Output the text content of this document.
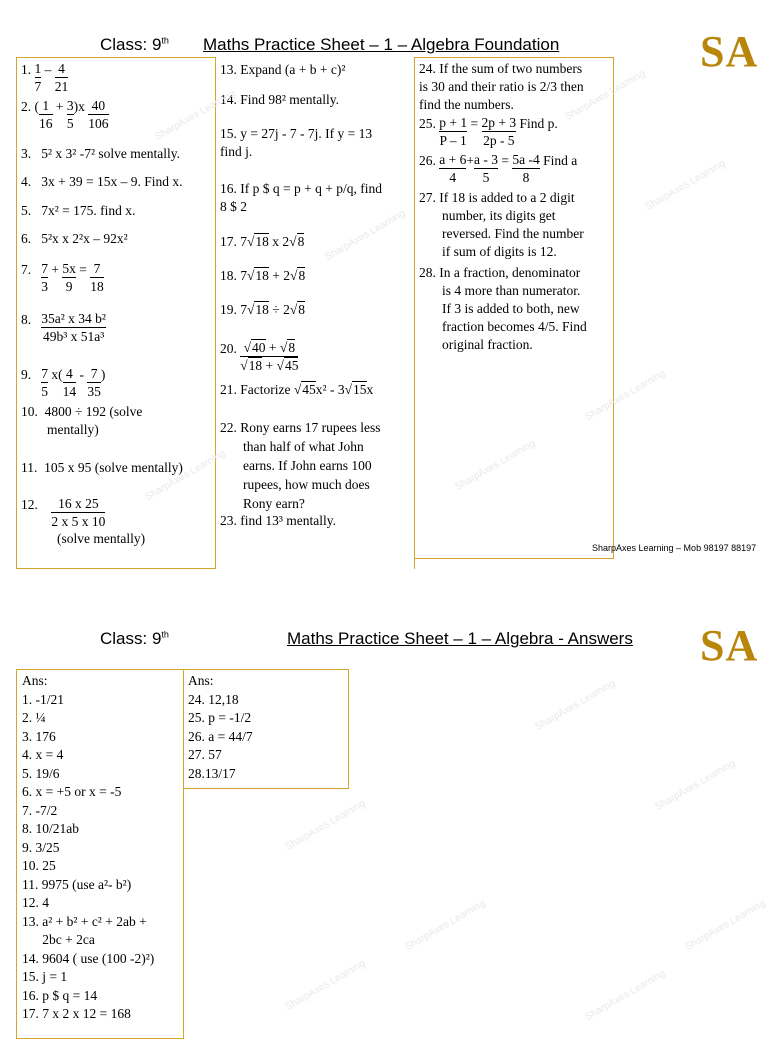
Class: 9th Maths Practice Sheet – 1 – Algebra Foundation	SA
1. $\frac{1}{7} - \frac{4}{21}$
2. ( $\frac{1}{16} + \frac{3}{5} )x \frac{40}{106}$
3. 5² x 3² -7² solve mentally.
4. 3x + 39 = 15x – 9. Find x.
5. 7x² = 175. find x.
6. 5²x x 2²x – 92x²
7. $\frac{7}{3} + \frac{5x}{9} = \frac{7}{18}$
8. $\frac{\text{35a² x 34 b²}}{\text{49b³ x 51a³}}$
9. $\frac{7}{5} x( \frac{4}{14} - \frac{7}{35}$ )
10. 4800 ÷ 192 (solve
mentally)
11. 105 x 95 (solve mentally)
12. $\frac{16 x 25}{2 x 5 x 10}$

(solve mentally)
13. Expand (a + b + c)²
14. Find 98² mentally.
15. y = 27j - 7 - 7j. If y = 13
find j.
16. If p $ q = p + q + p/q, find
8 $ 2
17. 7√18 x 2√8
18. 7√18 + 2√8
19. 7√18 ÷ 2√8
20. $\frac{√40 + √8}{√18 + √45}$
21. Factorize √45x² - 3√15x
22. Rony earns 17 rupees less
than half of what John
earns. If John earns 100
rupees, how much does
Rony earn?
23. find 13³ mentally.
24. If the sum of two numbers
is 30 and their ratio is 2/3 then
find the numbers.
25. $\frac{p + 1}{P - 1} = \frac{2p + 3}{2p - 5}$ Find p.
26. $\frac{a + 6}{4} + \frac{a - 3}{5} = \frac{5a -4}{8}$ Find a
27. If 18 is added to a 2 digit
number, its digits get
reversed. Find the number
if sum of digits is 12.
28. In a fraction, denominator
is 4 more than numerator.
If 3 is added to both, new
fraction becomes 4/5. Find
original fraction.
SharpAxes Learning – Mob 98197 88197
Class: 9th	Maths Practice Sheet – 1 – Algebra - Answers SA
Ans:
1. -1/21
2. ¼
3. 176
4. x = 4
5. 19/6
6. x = +5 or x = -5
7. -7/2
8. 10/21ab
9. 3/25
10. 25
11. 9975 (use a²- b²)
12. 4
13. a² + b² + c² + 2ab +
2bc + 2ca
14. 9604 ( use (100 -2)²)
15. j = 1
16. p $ q = 14
17. 7 x 2 x 12 = 168
Ans:
24. 12,18
25. p = -1/2
26. a = 44/7
27. 57
28.13/17
SharpAxes Learning	SharpAxes Learning
SharpAxes Learning
SharpAxes Learning
SharpAxes Learning	SharpAxes Learning
SharpAxes Learning
SharpAxes Learning
SharpAxes Learning
SharpAxes Learning
SharpAxes Learning
SharpAxes Learning
SharpAxes Learning
SharpAxes Learning
